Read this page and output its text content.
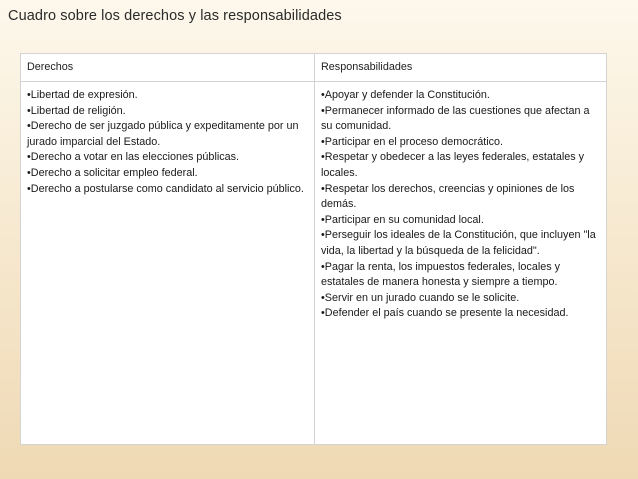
Cuadro sobre los derechos y las responsabilidades
Derechos	Responsabilidades
•Libertad de expresión.
•Libertad de religión.
•Derecho de ser juzgado pública y expeditamente por un jurado imparcial del Estado.
•Derecho a votar en las elecciones públicas.
•Derecho a solicitar empleo federal.
•Derecho a postularse como candidato al servicio público.
•Apoyar y defender la Constitución.
•Permanecer informado de las cuestiones que afectan a su comunidad.
•Participar en el proceso democrático.
•Respetar y obedecer a las leyes federales, estatales y locales.
•Respetar los derechos, creencias y opiniones de los demás.
•Participar en su comunidad local.
•Perseguir los ideales de la Constitución, que incluyen "la vida, la libertad y la búsqueda de la felicidad".
•Pagar la renta, los impuestos federales, locales y estatales de manera honesta y siempre a tiempo.
•Servir en un jurado cuando se le solicite.
•Defender el país cuando se presente la necesidad.
